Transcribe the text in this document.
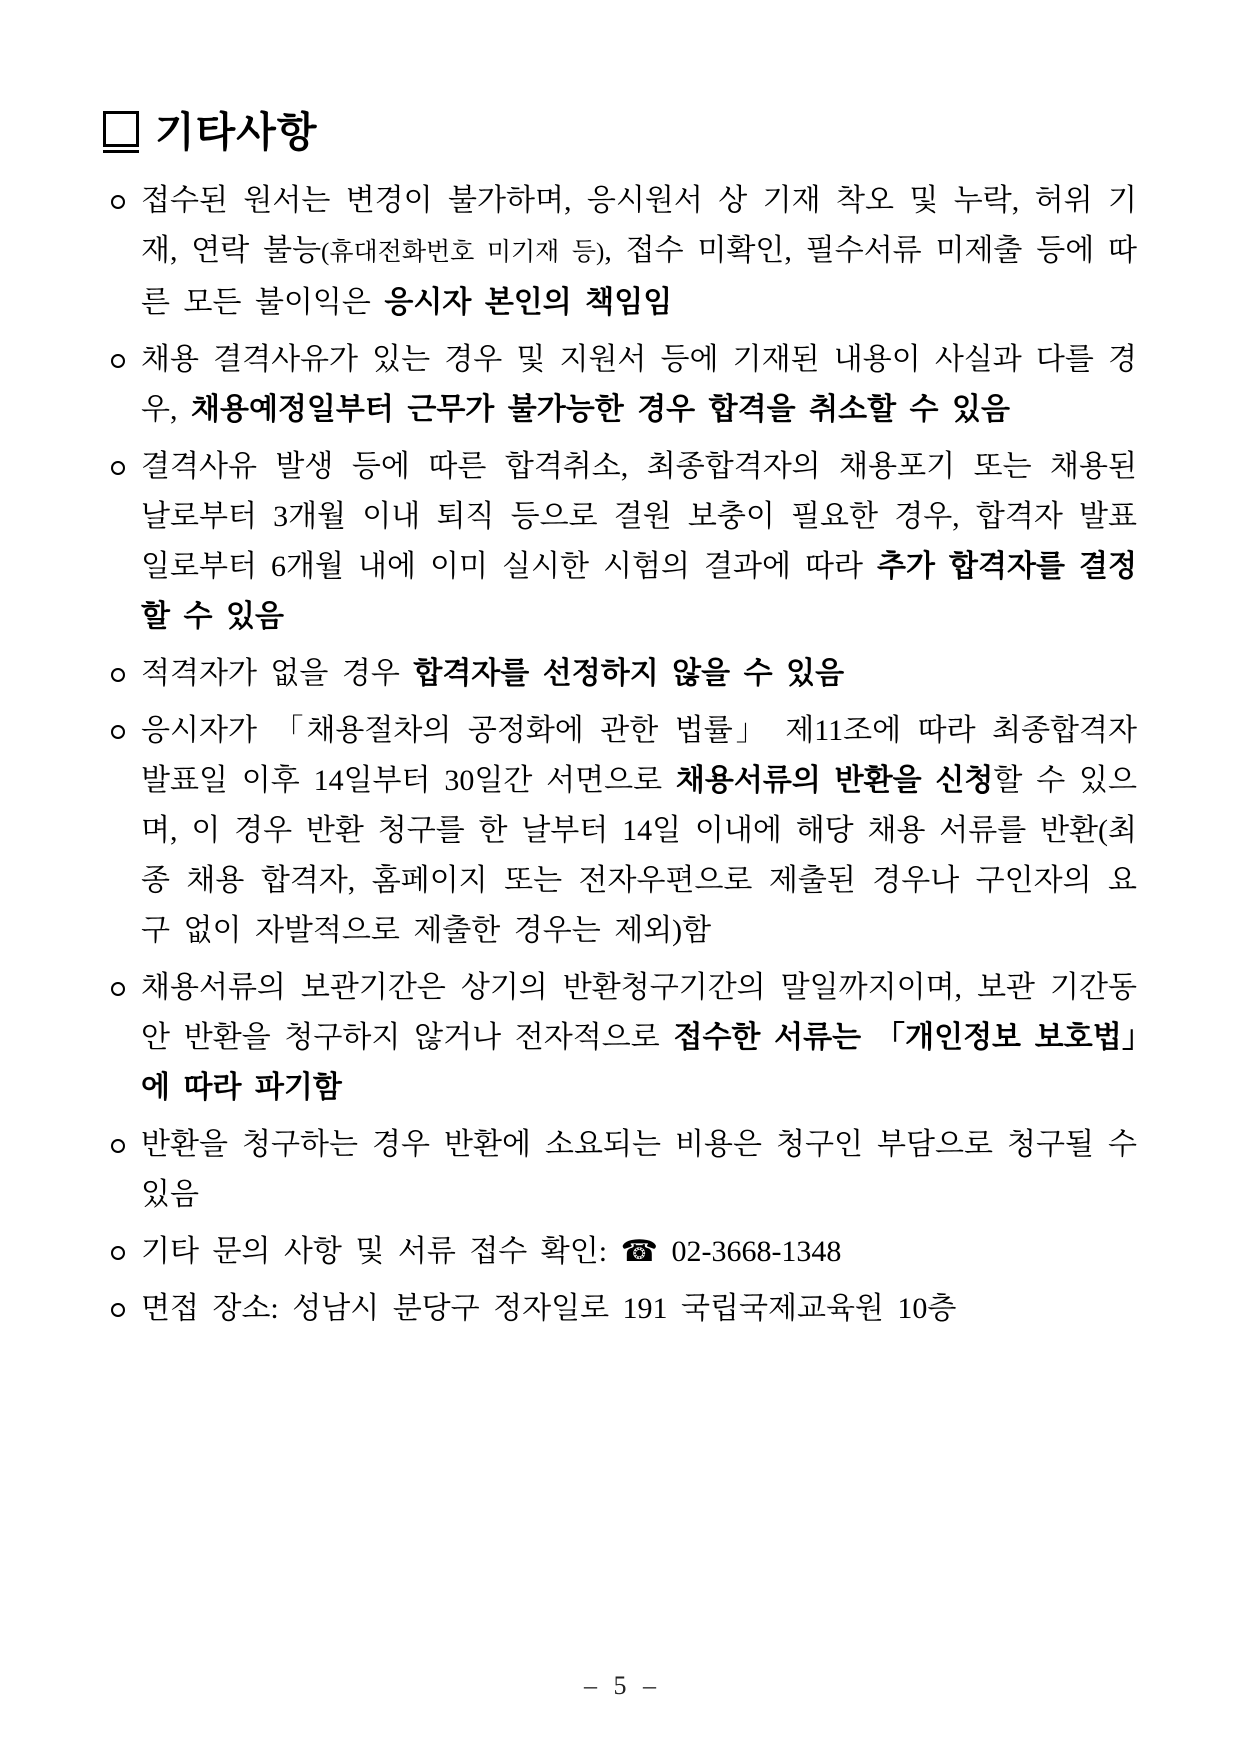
기타사항
접수된 원서는 변경이 불가하며, 응시원서 상 기재 착오 및 누락, 허위 기재, 연락 불능(휴대전화번호 미기재 등), 접수 미확인, 필수서류 미제출 등에 따른 모든 불이익은 응시자 본인의 책임임
채용 결격사유가 있는 경우 및 지원서 등에 기재된 내용이 사실과 다를 경우, 채용예정일부터 근무가 불가능한 경우 합격을 취소할 수 있음
결격사유 발생 등에 따른 합격취소, 최종합격자의 채용포기 또는 채용된 날로부터 3개월 이내 퇴직 등으로 결원 보충이 필요한 경우, 합격자 발표일로부터 6개월 내에 이미 실시한 시험의 결과에 따라 추가 합격자를 결정할 수 있음
적격자가 없을 경우 합격자를 선정하지 않을 수 있음
응시자가 「채용절차의 공정화에 관한 법률」 제11조에 따라 최종합격자 발표일 이후 14일부터 30일간 서면으로 채용서류의 반환을 신청할 수 있으며, 이 경우 반환 청구를 한 날부터 14일 이내에 해당 채용 서류를 반환(최종 채용 합격자, 홈페이지 또는 전자우편으로 제출된 경우나 구인자의 요구 없이 자발적으로 제출한 경우는 제외)함
채용서류의 보관기간은 상기의 반환청구기간의 말일까지이며, 보관 기간동안 반환을 청구하지 않거나 전자적으로 접수한 서류는 「개인정보 보호법」에 따라 파기함
반환을 청구하는 경우 반환에 소요되는 비용은 청구인 부담으로 청구될 수 있음
기타 문의 사항 및 서류 접수 확인: ☎ 02-3668-1348
면접 장소: 성남시 분당구 정자일로 191 국립국제교육원 10층
– 5 –
